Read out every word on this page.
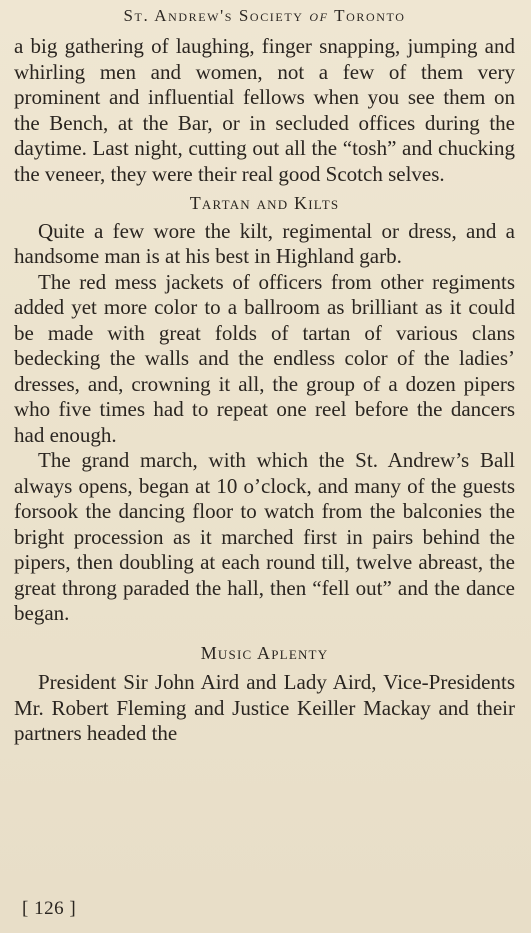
St. Andrew's Society of Toronto

a big gathering of laughing, finger snapping, jumping and whirling men and women, not a few of them very prominent and influential fellows when you see them on the Bench, at the Bar, or in secluded offices during the daytime. Last night, cutting out all the “tosh” and chucking the veneer, they were their real good Scotch selves.

Tartan and Kilts

Quite a few wore the kilt, regimental or dress, and a handsome man is at his best in Highland garb.

The red mess jackets of officers from other regiments added yet more color to a ballroom as brilliant as it could be made with great folds of tartan of various clans bedecking the walls and the endless color of the ladies’ dresses, and, crowning it all, the group of a dozen pipers who five times had to repeat one reel before the dancers had enough.

The grand march, with which the St. Andrew’s Ball always opens, began at 10 o’clock, and many of the guests forsook the dancing floor to watch from the balconies the bright procession as it marched first in pairs behind the pipers, then doubling at each round till, twelve abreast, the great throng paraded the hall, then “fell out” and the dance began.

Music Aplenty

President Sir John Aird and Lady Aird, Vice-Presidents Mr. Robert Fleming and Justice Keiller Mackay and their partners headed the

[ 126 ]
